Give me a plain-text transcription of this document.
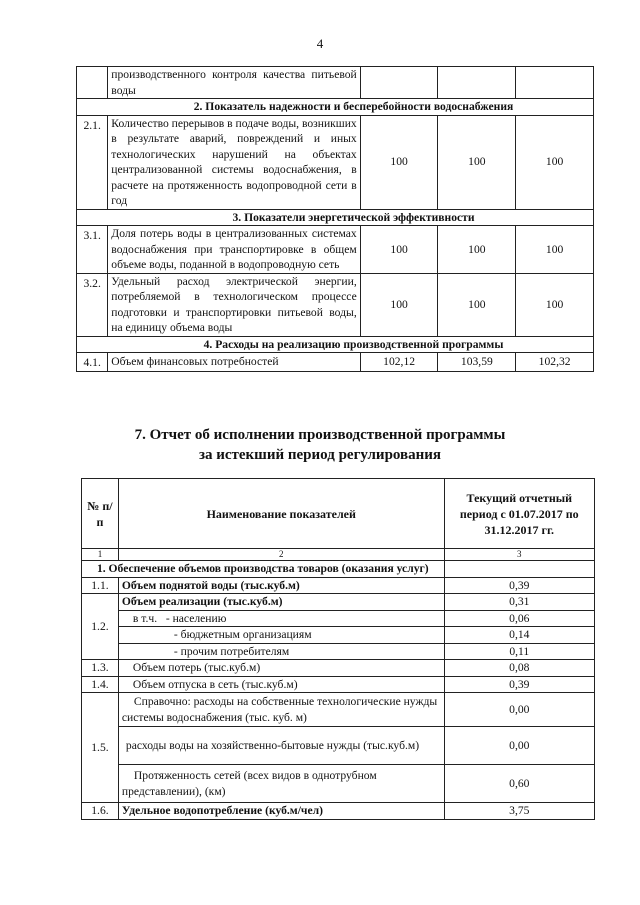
4
	производственного контроля качества питьевой воды			
2. Показатель надежности и бесперебойности водоснабжения				
2.1.	Количество перерывов в подаче воды, возникших в результате аварий, повреждений и иных технологических нарушений на объектах централизованной системы водоснабжения, в расчете на протяженность водопроводной сети в год	100	100	100
3. Показатели энергетической эффективности				
3.1.	Доля потерь воды в централизованных системах водоснабжения при транспортировке в общем объеме воды, поданной в водопроводную сеть	100	100	100
3.2.	Удельный расход электрической энергии, потребляемой в технологическом процессе подготовки и транспортировки питьевой воды, на единицу объема воды	100	100	100
4. Расходы на реализацию производственной программы				
4.1.	Объем финансовых потребностей	102,12	103,59	102,32
7. Отчет об исполнении производственной программы
за истекший период регулирования
№ п/п	Наименование показателей	Текущий отчетный период с 01.07.2017 по 31.12.2017 гг.
1	2	3
1. Обеспечение объемов производства товаров (оказания услуг)		
1.1.	Объем поднятой воды (тыс.куб.м)	0,39
1.2.	Объем реализации (тыс.куб.м)	0,31
	в т.ч. - населению	0,06
	- бюджетным организациям	0,14
	- прочим потребителям	0,11
1.3.	Объем потерь (тыс.куб.м)	0,08
1.4.	Объем отпуска в сеть (тыс.куб.м)	0,39
1.5.	Справочно: расходы на собственные технологические нужды системы водоснабжения (тыс. куб. м)	0,00
	расходы воды на хозяйственно-бытовые нужды (тыс.куб.м)	0,00
	Протяженность сетей (всех видов в однотрубном представлении), (км)	0,60
1.6.	Удельное водопотребление (куб.м/чел)	3,75
